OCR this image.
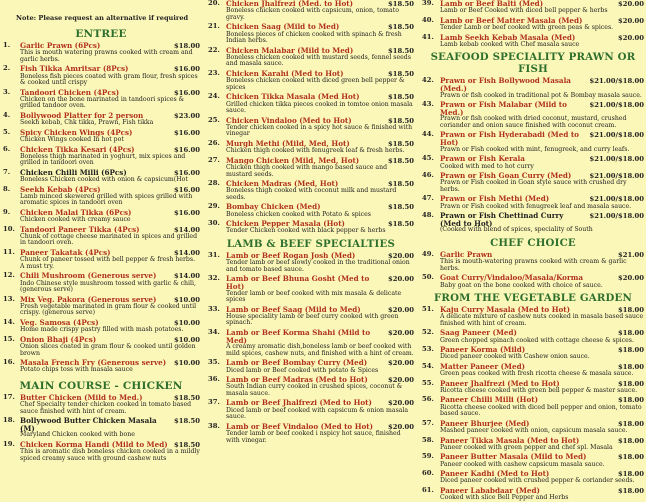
Note: Please request an alternative if required
ENTREE
1. Garlic Prawn (6Pcs)	$18.00
This is mouth watering prawns cooked with cream and garlic herbs.
2. Fish Tikka Amritsar (8Pcs)	$16.00
Boneless fish pieces coated with gram flour, fresh spices & cooked until crispy
3. Tandoori Chicken (4Pcs)	$16.00
Chicken on the bone marinated in tandoori spices & grilled tandoor oven.
4. Bollywood Platter for 2 person	$23.00
Seekh kebab, Chk tikka, Prawn, Fish tikka
5. Spicy Chicken Wings (4Pcs)	$16.00
Chicken Wings cooked In hot pot
6. Chicken Tikka Kesari (4Pcs)	$16.00
Boneless thigh marinated in yoghurt, mix spices and grilled in tandoori oven
7. Chicken Chilli Milli (6Pcs)	$16.00
Boneless Chicken cooked with onion & capsicum(Hot
8. Seekh Kebab (4Pcs)	$16.00
Lamb minced skewered grilled with spices grilled with aromatic spices in tandoori oven
9. Chicken Malai Tikka (6Pcs)	$16.00
Chicken cooked with creamy sauce
10. Tandoori Paneer Tikka (4Pcs)	$14.00
Chunk of cottage cheese marinated in spices and grilled in tandoori oven.
11. Paneer Takatak (4Pcs)	$14.00
Chunk of paneer tossed with bell pepper & fresh herbs. A must try.
12. Chili Mushroom (Generous serve)	$14.00
Indo Chinese style mushroom tossed with garlic & chili, (generous serve)
13. Mix Veg. Pakora (Generous serve)	$10.00
Fresh vegetable marinated in gram flour & cooked until crispy. (generous serve)
14. Veg. Samosa (4Pcs)	$10.00
Home made crispy pastry filled with mash potatoes.
15. Onion Bhaji (4Pcs)	$10.00
Onion slices coated in gram flour & cooked until golden brown
16. Masala French Fry (Generous serve)	$10.00
Potato chips toss with masala sauce
MAIN COURSE - CHICKEN
17. Butter Chicken (Mild to Med.)	$18.50
Chef Specialty tender chicken cooked in tomato based sauce finished with hint of cream.
18. Bollywood Butter Chicken Masala (M)
$18.50
Maryland Chicken cooked with bone
19. Chicken Korma Handi (Mild to Med) $18.50
This is aromatic dish boneless chicken cooked in a mildly spiced creamy sauce with ground cashew nuts
20. Chicken Jhalfrezi (Med. to Hot)	$18.50
Boneless chicken cooked with capsicum, onion, tomato gravy.
21. Chicken Saag (Mild to Med)	$18.50
Boneless pieces of chicken cooked with spinach & fresh Indian herbs.
22. Chicken Malabar (Mild to Med)	$18.50
Boneless chicken cooked with mustard seeds, fennel seeds and masala sauce.
23. Chicken Karahi (Med to Hot)	$18.50
Boneless chicken cooked with diced green bell pepper & spices
24. Chicken Tikka Masala (Med Hot)	$18.50
Grilled chicken tikka pieces cooked in tomtoe onion masala sauce.
25. Chicken Vindaloo (Med to Hot)	$18.50
Tender chicken cooked in a spicy hot sauce & finished with vinegar
26. Murgh Methi (Mild, Med, Hot)	$18.50
Chicken thigh cooked with fenugreek leaf & fresh herbs.
27. Mango Chicken (Mild, Med, Hot)	$18.50
Chicken thigh cooked with mango based sauce and mustard seeds.
28. Chicken Madras (Med, Hot)	$18.50
Boneless thigh cooked with coconut milk and mustard seeds.
29. Bombay Chicken (Med)	$18.50
Boneless chicken cooked with Potato & spices
30. Chicken Pepper Masala (Hot)	$18.50
Tender Chicken cooked with black pepper & herbs
LAMB & BEEF SPECIALTIES
31. Lamb or Beef Rogan Josh (Med)	$20.00
Tender lamb or beef slowly cooked in the traditional onion and tomato based sauce.
32. Lamb or Beef Bhuna Gosht (Med to Hot)
$20.00
Tender lamb or beef cooked with mix masala & delicate spices
33. Lamb or Beef Saag (Mild to Med)	$20.00
House speciality lamb or beef curry cooked with green spinach.
34. Lamb or Beef Korma Shahi (Mild to Med)
$20.00
A creamy aromatic dish,boneless lamb or beef cooked with mild spices, cashew nuts, and finished with a hint of cream.
35. Lamb or Beef Bombay Curry (Med)	$20.00
Diced lamb or Beef cooked with potato & Spices
36. Lamb or Beef Madras (Med to Hot)	$20.00
South Indian curry cooked in crushed spices, coconut & masala sauce.
37. Lamb or Beef Jhalfrezi (Med to Hot)	$20.00
Diced lamb or beef cooked with capsicum & onion masala sauce.
38. Lamb or Beef Vindaloo (Med to Hot)	$20.00
Tender lamb or beef cooked i nspicy hot sauce, finished with vinegar.
39. Lamb or Beef Balti (Med)	$20.00
Lamb or Beef Cooked with diced bell pepper & herbs
40. Lamb or Beef Matter Masala (Med)	$20.00
Tender Lamb or beef cooked with green peas & spices.
41. Lamb Seekh Kebab Masala (Med)	$20.00
Lamb kebab cooked with Chef masala sauce
SEAFOOD SPECIALITY PRAWN OR FISH
42. Prawn or Fish Bollywood Masala (Med.)
$21.00/$18.00
Prawn or fish cooked in traditional pot & Bombay masala sauce.
43. Prawn or Fish Malabar (Mild to Med.)
$21.00/$18.00
Prawn or fish cooked with dried coconut, mustard, crushed coriander and onion sauce finished with coconut cream.
44. Prawn or Fish Hyderabadi (Med to Hot)
$21.00/$18.00
Prawn or Fish cooked with mint, fenugreek, and curry leafs.
45. Prawn or Fish Kerala	$21.00/$18.00
Cooked with med to hot curry
46. Prawn or Fish Goan Curry (Med)	$21.00/$18.00
Prawn or Fish cooked in Goan style sauce with crushed dry herbs.
47. Prawn or Fish Methi (Med)	$21.00/$18.00
Prawn or Fish cooked with fenugreek leaf and masala sauce.
48. Prawn or Fish Chettinad Curry (Med to Hot)
$21.00/$18.00
(Cooked with blend of spices, speciality of South
CHEF CHOICE
49. Garlic Prawn	$21.00
This is mouth-watering prawns cooked with cream & garlic herbs.
50. Goat Curry/Vindaloo/Masala/Korma	$20.00
Baby goat on the bone cooked with choice of sauce.
FROM THE VEGETABLE GARDEN
51. Kaju Curry Masala (Med to Hot)	$18.00
A delicate mixture of cashew nuts cooked in masala based sauce finished with hint of cream.
52. Saag Paneer (Med)	$18.00
Green chopped spinach cooked with cottage cheese & spices.
53. Paneer Korma (Mild)	$18.00
Diced paneer cooked with Cashew onion sauce.
54. Matter Paneer (Med)	$18.00
Green peas cooked with fresh ricotta cheese & masala sauce.
55. Paneer Jhalfrezi (Med to Hot)	$18.00
Ricotta cheese cooked with green bell pepper & master sauce.
56. Paneer Chilli Milli (Hot)	$18.00
Ricotta cheese cooked with diced bell pepper and onion, tomato based sauce.
57. Paneer Bhurjee (Med)	$18.00
Mashed paneer cooked with onion, capsicum masala sauce.
58. Paneer Tikka Masala (Med to Hot)	$18.00
Paneer cooked with green pepper and chef spl. Masala
59. Paneer Butter Masala (Mild to Med)	$18.00
Paneer cooked with cashew capsicum masala sauce.
60. Paneer Kadhi (Med to Hot)	$18.00
Diced paneer cooked with crushed pepper & coriander seeds.
61. Paneer Lababdaar (Med)	$18.00
Cooked with slice Bell Pepper and Herbs
